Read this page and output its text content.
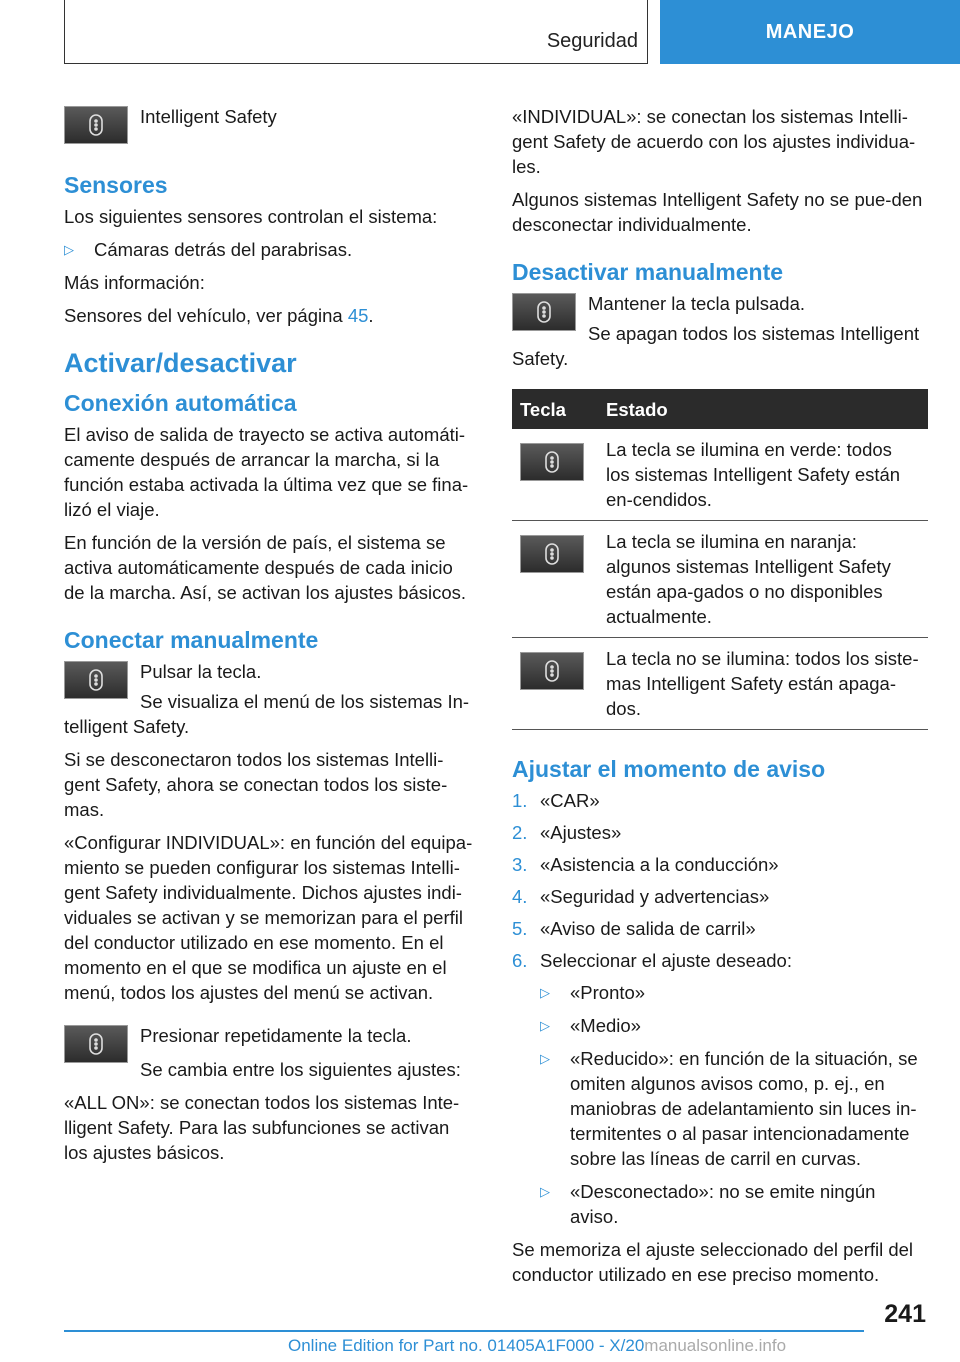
Seguridad	MANEJO
Intelligent Safety
Sensores

Los siguientes sensores controlan el sistema:

▷	Cámaras detrás del parabrisas.

Más información:

Sensores del vehículo, ver página 45.

Activar/desactivar
Conexión automática

El aviso de salida de trayecto se activa automáti-camente después de arrancar la marcha, si la función estaba activada la última vez que se fina-lizó el viaje.

En función de la versión de país, el sistema se activa automáticamente después de cada inicio de la marcha. Así, se activan los ajustes básicos.

Conectar manualmente
Pulsar la tecla.

Se visualiza el menú de los sistemas In-telligent Safety.

Si se desconectaron todos los sistemas Intelli-gent Safety, ahora se conectan todos los siste-mas.

«Configurar INDIVIDUAL»: en función del equipa-miento se pueden configurar los sistemas Intelli-gent Safety individualmente. Dichos ajustes indi-viduales se activan y se memorizan para el perfil del conductor utilizado en ese momento. En el momento en el que se modifica un ajuste en el menú, todos los ajustes del menú se activan.

Presionar repetidamente la tecla.

Se cambia entre los siguientes ajustes:

«ALL ON»: se conectan todos los sistemas Inte-lligent Safety. Para las subfunciones se activan los ajustes básicos.

«INDIVIDUAL»: se conectan los sistemas Intelli-gent Safety de acuerdo con los ajustes individua-les.

Algunos sistemas Intelligent Safety no se pue-den desconectar individualmente.

Desactivar manualmente
Mantener la tecla pulsada.

Se apagan todos los sistemas Intelligent Safety.

Tecla	Estado

	La tecla se ilumina en verde: todos los sistemas Intelligent Safety están en-cendidos.

	La tecla se ilumina en naranja: algunos sistemas Intelligent Safety están apa-gados o no disponibles actualmente.

	La tecla no se ilumina: todos los siste-mas Intelligent Safety están apaga-dos.
Ajustar el momento de aviso
1. «CAR»
2. «Ajustes»
3. «Asistencia a la conducción»
4. «Seguridad y advertencias»
5. «Aviso de salida de carril»
6. Seleccionar el ajuste deseado:
▷	«Pronto»
▷	«Medio»
▷	«Reducido»: en función de la situación, se omiten algunos avisos como, p. ej., en maniobras de adelantamiento sin luces in-termitentes o al pasar intencionadamente sobre las líneas de carril en curvas.
▷	«Desconectado»: no se emite ningún aviso.

Se memoriza el ajuste seleccionado del perfil del conductor utilizado en ese preciso momento.

241
Online Edition for Part no. 01405A1F000 - X/20manualsonline.info
